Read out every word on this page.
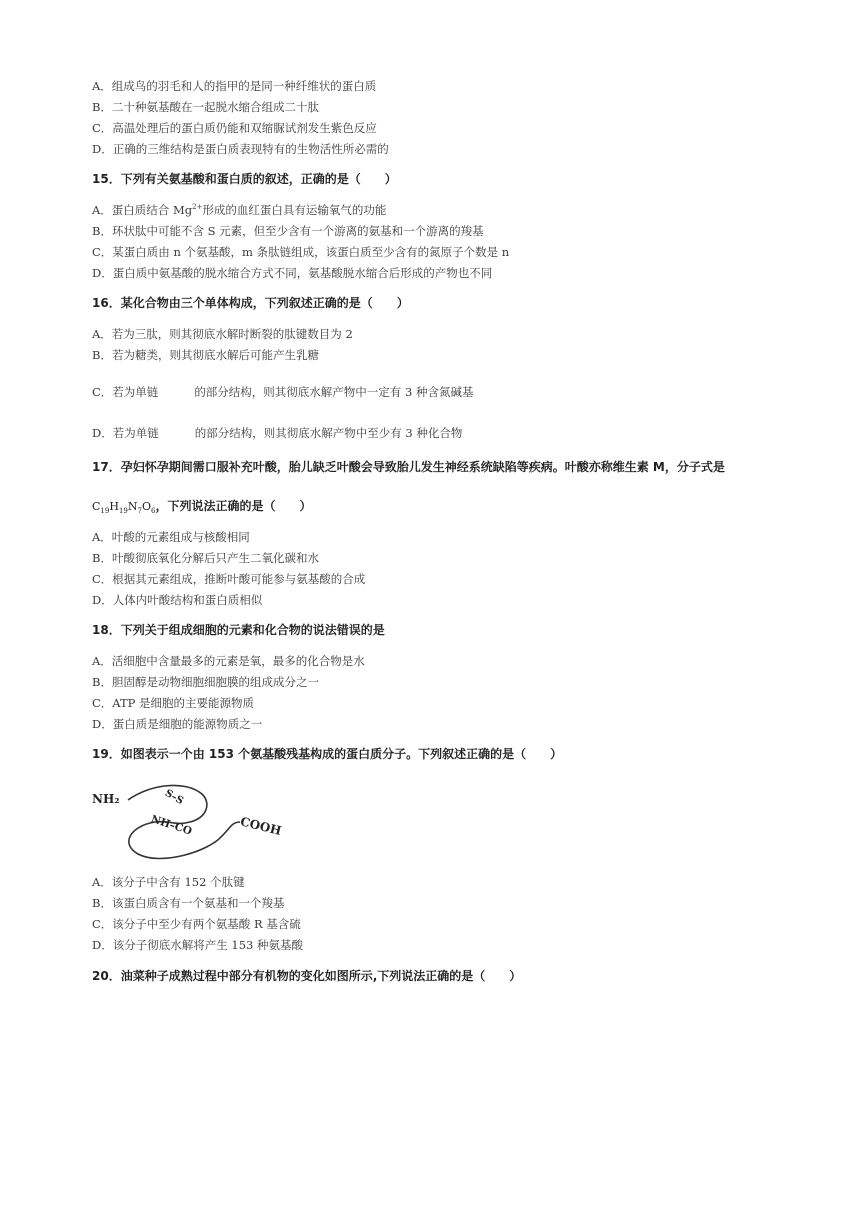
A．组成鸟的羽毛和人的指甲的是同一种纤维状的蛋白质
B．二十种氨基酸在一起脱水缩合组成二十肽
C．高温处理后的蛋白质仍能和双缩脲试剂发生紫色反应
D．正确的三维结构是蛋白质表现特有的生物活性所必需的
15．下列有关氨基酸和蛋白质的叙述，正确的是（　　）
A．蛋白质结合 $Mg^{2+}$形成的血红蛋白具有运输氧气的功能
B．环状肽中可能不含 S 元素，但至少含有一个游离的氨基和一个游离的羧基
C．某蛋白质由 n 个氨基酸，m 条肽链组成，该蛋白质至少含有的氮原子个数是 n
D．蛋白质中氨基酸的脱水缩合方式不同，氨基酸脱水缩合后形成的产物也不同
16．某化合物由三个单体构成，下列叙述正确的是（　　）
A．若为三肽，则其彻底水解时断裂的肽键数目为 2
B．若为糖类，则其彻底水解后可能产生乳糖
C．若为单链	的部分结构，则其彻底水解产物中一定有 3 种含氮碱基
D．若为单链	的部分结构，则其彻底水解产物中至少有 3 种化合物
17．孕妇怀孕期间需口服补充叶酸，胎儿缺乏叶酸会导致胎儿发生神经系统缺陷等疾病。叶酸亦称维生素 M，分子式是
$C_{19}H_{19}N_7O_6$，下列说法正确的是（　　）
A．叶酸的元素组成与核酸相同
B．叶酸彻底氧化分解后只产生二氧化碳和水
C．根据其元素组成，推断叶酸可能参与氨基酸的合成
D．人体内叶酸结构和蛋白质相似
18．下列关于组成细胞的元素和化合物的说法错误的是
A．活细胞中含量最多的元素是氧，最多的化合物是水
B．胆固醇是动物细胞细胞膜的组成成分之一
C．ATP 是细胞的主要能源物质
D．蛋白质是细胞的能源物质之一
19．如图表示一个由 153 个氨基酸残基构成的蛋白质分子。下列叙述正确的是（　　）
NH₂	S–S
NH–CO	COOH
A．该分子中含有 152 个肽键
B．该蛋白质含有一个氨基和一个羧基
C．该分子中至少有两个氨基酸 R 基含硫
D．该分子彻底水解将产生 153 种氨基酸
20．油菜种子成熟过程中部分有机物的变化如图所示,下列说法正确的是（　　）
